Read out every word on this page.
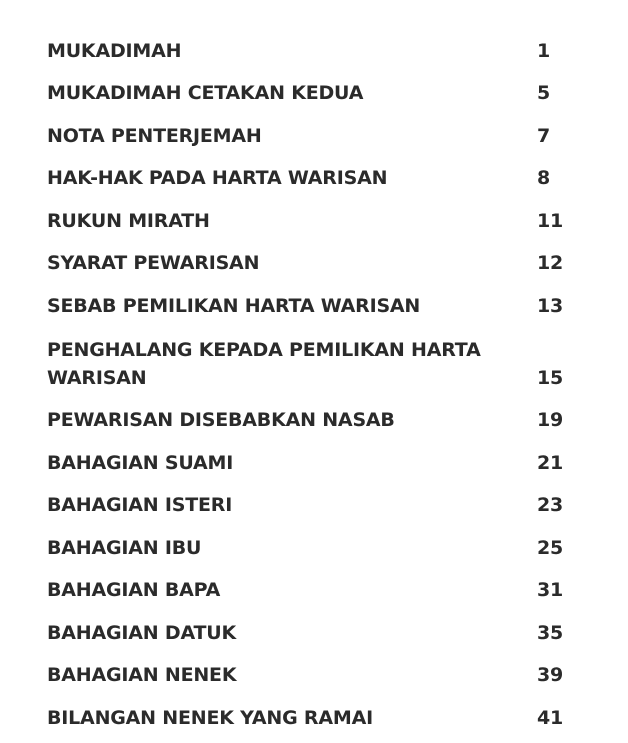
MUKADIMAH	1
MUKADIMAH CETAKAN KEDUA	5
NOTA PENTERJEMAH	7
HAK-HAK PADA HARTA WARISAN	8
RUKUN MIRATH	11
SYARAT PEWARISAN	12
SEBAB PEMILIKAN HARTA WARISAN	13
PENGHALANG KEPADA PEMILIKAN HARTA WARISAN	15
PEWARISAN DISEBABKAN NASAB	19
BAHAGIAN SUAMI	21
BAHAGIAN ISTERI	23
BAHAGIAN IBU	25
BAHAGIAN BAPA	31
BAHAGIAN DATUK	35
BAHAGIAN NENEK	39
BILANGAN NENEK YANG RAMAI	41
